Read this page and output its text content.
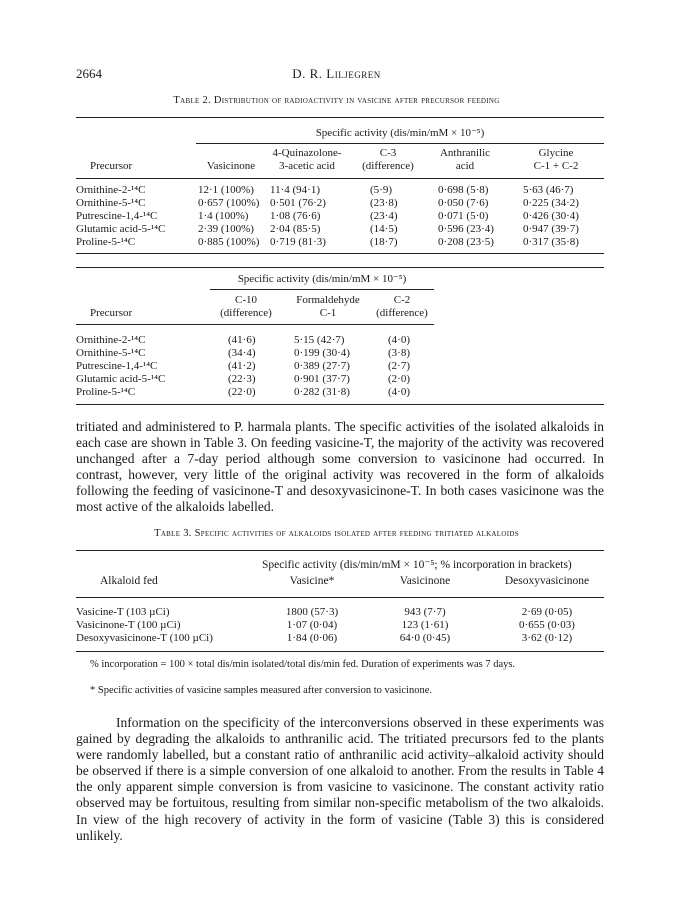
2664	D. R. Liljegren
Table 2. Distribution of radioactivity in vasicine after precursor feeding
Specific activity (dis/min/mM × 10⁻⁵)
4-Quinazolone-	C-3	Anthranilic	Glycine
Precursor	Vasicinone	3-acetic acid	(difference)	acid	C-1 + C-2
Ornithine-2-¹⁴C	12·1 (100%) 11·4 (94·1)	(5·9)	0·698 (5·8)	5·63 (46·7)
Ornithine-5-¹⁴C	0·657 (100%) 0·501 (76·2)	(23·8)	0·050 (7·6)	0·225 (34·2)
Putrescine-1,4-¹⁴C	1·4 (100%) 1·08 (76·6)	(23·4)	0·071 (5·0)	0·426 (30·4)
Glutamic acid-5-¹⁴C	2·39 (100%) 2·04 (85·5)	(14·5)	0·596 (23·4)	0·947 (39·7)
Proline-5-¹⁴C	0·885 (100%) 0·719 (81·3)	(18·7)	0·208 (23·5)	0·317 (35·8)
Specific activity (dis/min/mM × 10⁻⁵)
C-10	Formaldehyde	C-2
Precursor	(difference)	C-1	(difference)
Ornithine-2-¹⁴C	(41·6)	5·15 (42·7)	(4·0)
Ornithine-5-¹⁴C	(34·4)	0·199 (30·4)	(3·8)
Putrescine-1,4-¹⁴C	(41·2)	0·389 (27·7)	(2·7)
Glutamic acid-5-¹⁴C	(22·3)	0·901 (37·7)	(2·0)
Proline-5-¹⁴C	(22·0)	0·282 (31·8)	(4·0)
tritiated and administered to P. harmala plants. The specific activities of the isolated alkaloids in each case are shown in Table 3. On feeding vasicine-T, the majority of the activity was recovered unchanged after a 7-day period although some conversion to vasicinone had occurred. In contrast, however, very little of the original activity was recovered in the form of alkaloids following the feeding of vasicinone-T and desoxyvasicinone-T. In both cases vasicinone was the most active of the alkaloids labelled.
Table 3. Specific activities of alkaloids isolated after feeding tritiated alkaloids
Specific activity (dis/min/mM × 10⁻⁵; % incorporation in brackets)
Alkaloid fed	Vasicine*	Vasicinone	Desoxyvasicinone
Vasicine-T (103 µCi)	1800 (57·3)	943 (7·7)	2·69 (0·05)
Vasicinone-T (100 µCi)	1·07 (0·04)	123 (1·61)	0·655 (0·03)
Desoxyvasicinone-T (100 µCi)	1·84 (0·06)	64·0 (0·45)	3·62 (0·12)
% incorporation = 100 × total dis/min isolated/total dis/min fed. Duration of experiments was 7 days.
* Specific activities of vasicine samples measured after conversion to vasicinone.
Information on the specificity of the interconversions observed in these experiments was gained by degrading the alkaloids to anthranilic acid. The tritiated precursors fed to the plants were randomly labelled, but a constant ratio of anthranilic acid activity–alkaloid activity should be observed if there is a simple conversion of one alkaloid to another. From the results in Table 4 the only apparent simple conversion is from vasicine to vasicinone. The constant activity ratio observed may be fortuitous, resulting from similar non-specific metabolism of the two alkaloids. In view of the high recovery of activity in the form of vasicine (Table 3) this is considered unlikely.
